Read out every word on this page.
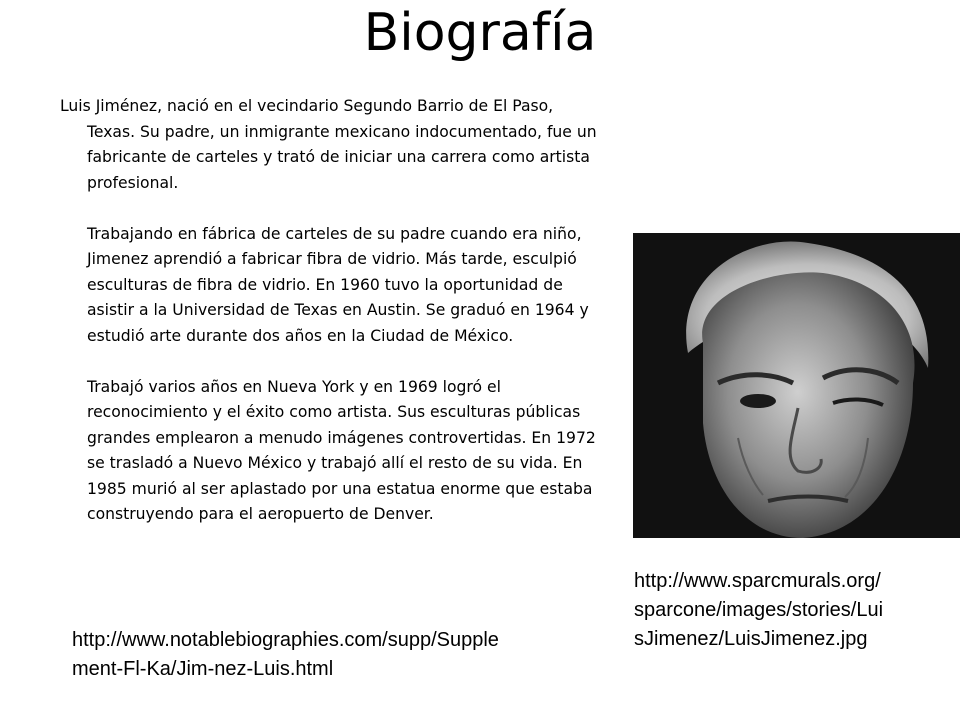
Biografía

Luis Jiménez, nació en el vecindario Segundo Barrio de El Paso, Texas. Su padre, un inmigrante mexicano indocumentado, fue un fabricante de carteles y trató de iniciar una carrera como artista profesional.

Trabajando en fábrica de carteles de su padre cuando era niño, Jimenez aprendió a fabricar fibra de vidrio. Más tarde, esculpió esculturas de fibra de vidrio. En 1960 tuvo la oportunidad de asistir a la Universidad de Texas en Austin. Se graduó en 1964 y estudió arte durante dos años en la Ciudad de México.

Trabajó varios años en Nueva York y en 1969 logró el reconocimiento y el éxito como artista. Sus esculturas públicas grandes emplearon a menudo imágenes controvertidas. En 1972 se trasladó a Nuevo México y trabajó allí el resto de su vida. En 1985 murió al ser aplastado por una estatua enorme que estaba construyendo para el aeropuerto de Denver.

http://www.notablebiographies.com/supp/Supplement-Fl-Ka/Jim-nez-Luis.html
http://www.sparcmurals.org/sparcone/images/stories/LuisJimenez/LuisJimenez.jpg
